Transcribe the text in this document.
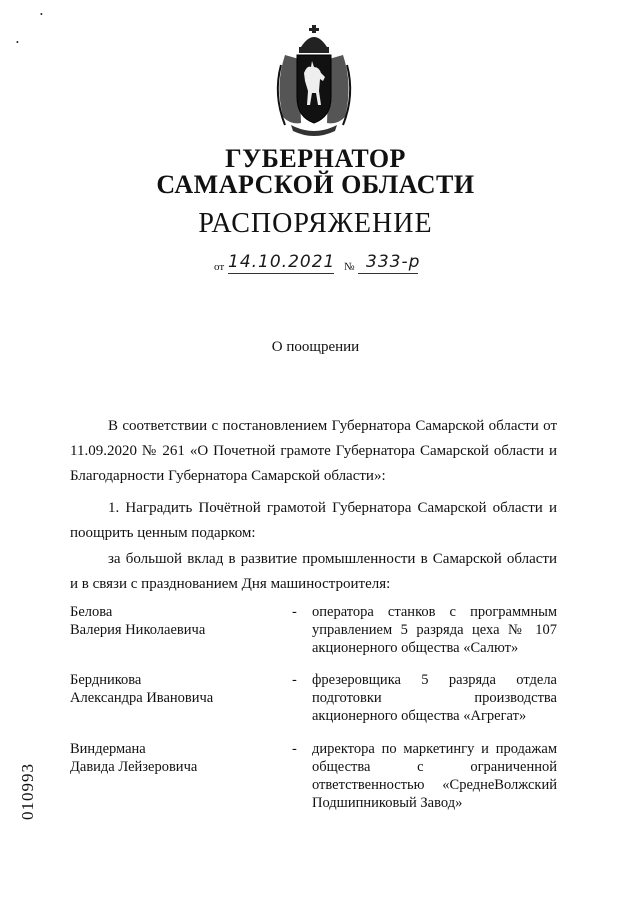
•
•
ГУБЕРНАТОР
САМАРСКОЙ ОБЛАСТИ
РАСПОРЯЖЕНИЕ
от 14.10.2021 № 333-р
О поощрении
В соответствии с постановлением Губернатора Самарской области от 11.09.2020 № 261 «О Почетной грамоте Губернатора Самарской области и Благодарности Губернатора Самарской области»:
1. Наградить Почётной грамотой Губернатора Самарской области и поощрить ценным подарком:
за большой вклад в развитие промышленности в Самарской области и в связи с празднованием Дня машиностроителя:
Белова
Валерия Николаевича
- оператора станков с программным управлением 5 разряда цеха № 107 акционерного общества «Салют»
Бердникова
Александра Ивановича
- фрезеровщика 5 разряда отдела подготовки производства акционерного общества «Агрегат»
Виндермана
Давида Лейзеровича
- директора по маркетингу и продажам общества с ограниченной ответственностью «СреднеВолжский Подшипниковый Завод»
010993
